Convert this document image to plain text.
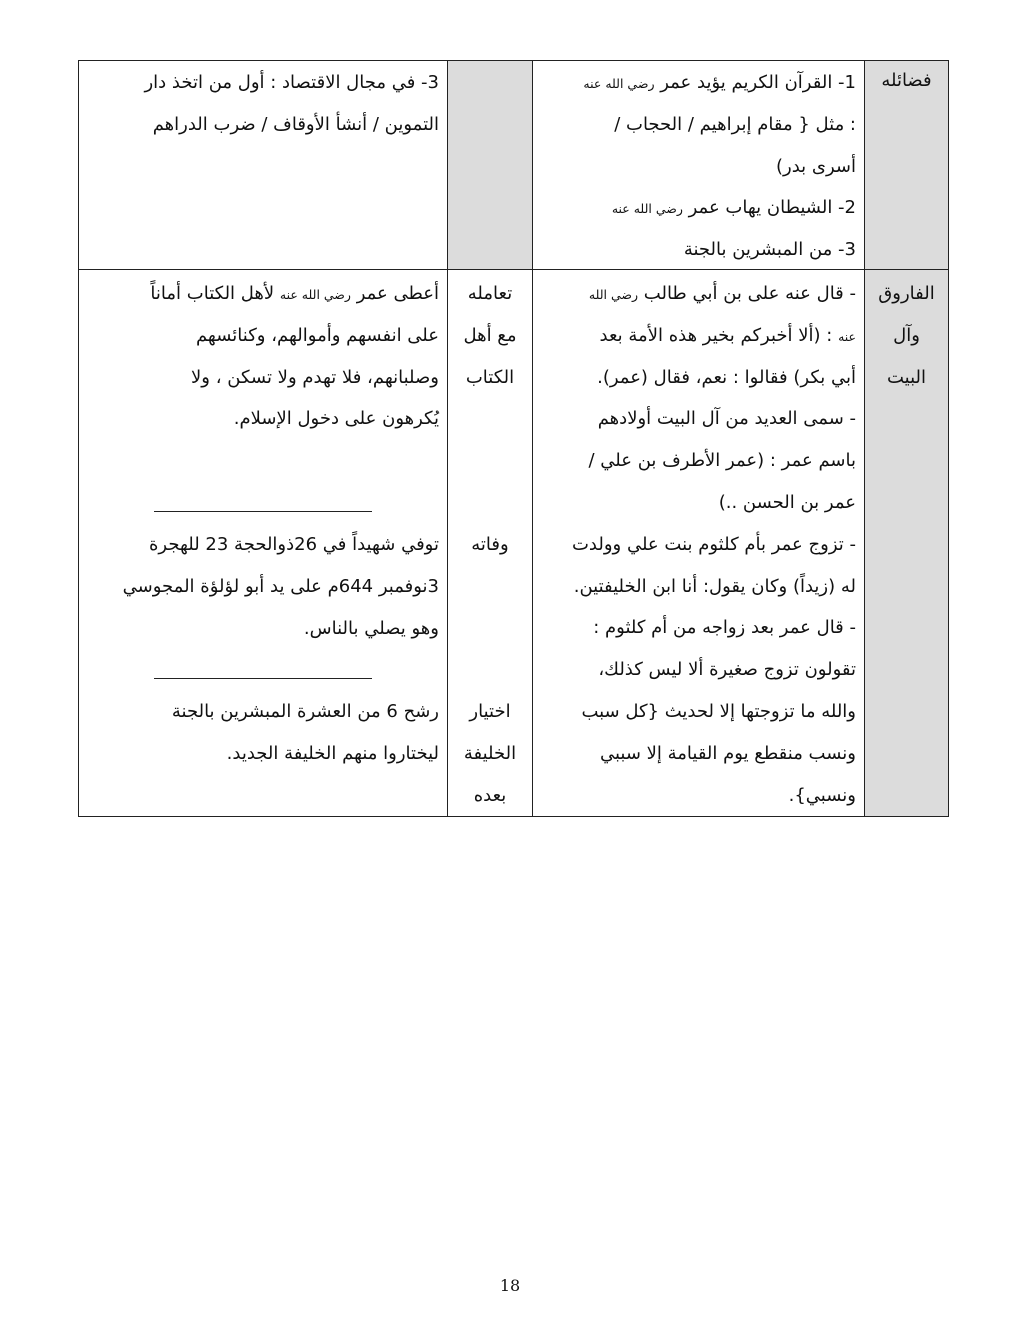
فضائله
1- القرآن الكريم يؤيد عمر رضي الله عنه
: مثل { مقام إبراهيم / الحجاب /
أسرى بدر)
2- الشيطان يهاب عمر رضي الله عنه
3- من المبشرين بالجنة
3- في مجال الاقتصاد : أول من اتخذ دار
التموين / أنشأ الأوقاف / ضرب الدراهم
الفاروق
وآل
البيت
- قال عنه على بن أبي طالب رضي الله
عنه : (ألا أخبركم بخير هذه الأمة بعد
أبي بكر) فقالوا : نعم، فقال (عمر).
- سمى العديد من آل البيت أولادهم
باسم عمر : (عمر الأطرف بن علي /
عمر بن الحسن ..)
- تزوج عمر بأم كلثوم بنت علي وولدت
له (زيداً) وكان يقول: أنا ابن الخليفتين.
- قال عمر بعد زواجه من أم كلثوم :
تقولون تزوج صغيرة ألا ليس كذلك،
والله ما تزوجتها إلا لحديث {كل سبب
ونسب منقطع يوم القيامة إلا سببي
ونسبي}.
تعامله
مع أهل
الكتاب
وفاته
اختيار
الخليفة
بعده
أعطى عمر رضي الله عنه لأهل الكتاب أماناً
على انفسهم وأموالهم، وكنائسهم
وصلبانهم، فلا تهدم ولا تسكن ، ولا
يُكرهون على دخول الإسلام.
توفي شهيداً في 26ذوالحجة 23 للهجرة
3نوفمبر 644م على يد أبو لؤلؤة المجوسي
وهو يصلي بالناس.
رشح 6 من العشرة المبشرين بالجنة
ليختاروا منهم الخليفة الجديد.
18
